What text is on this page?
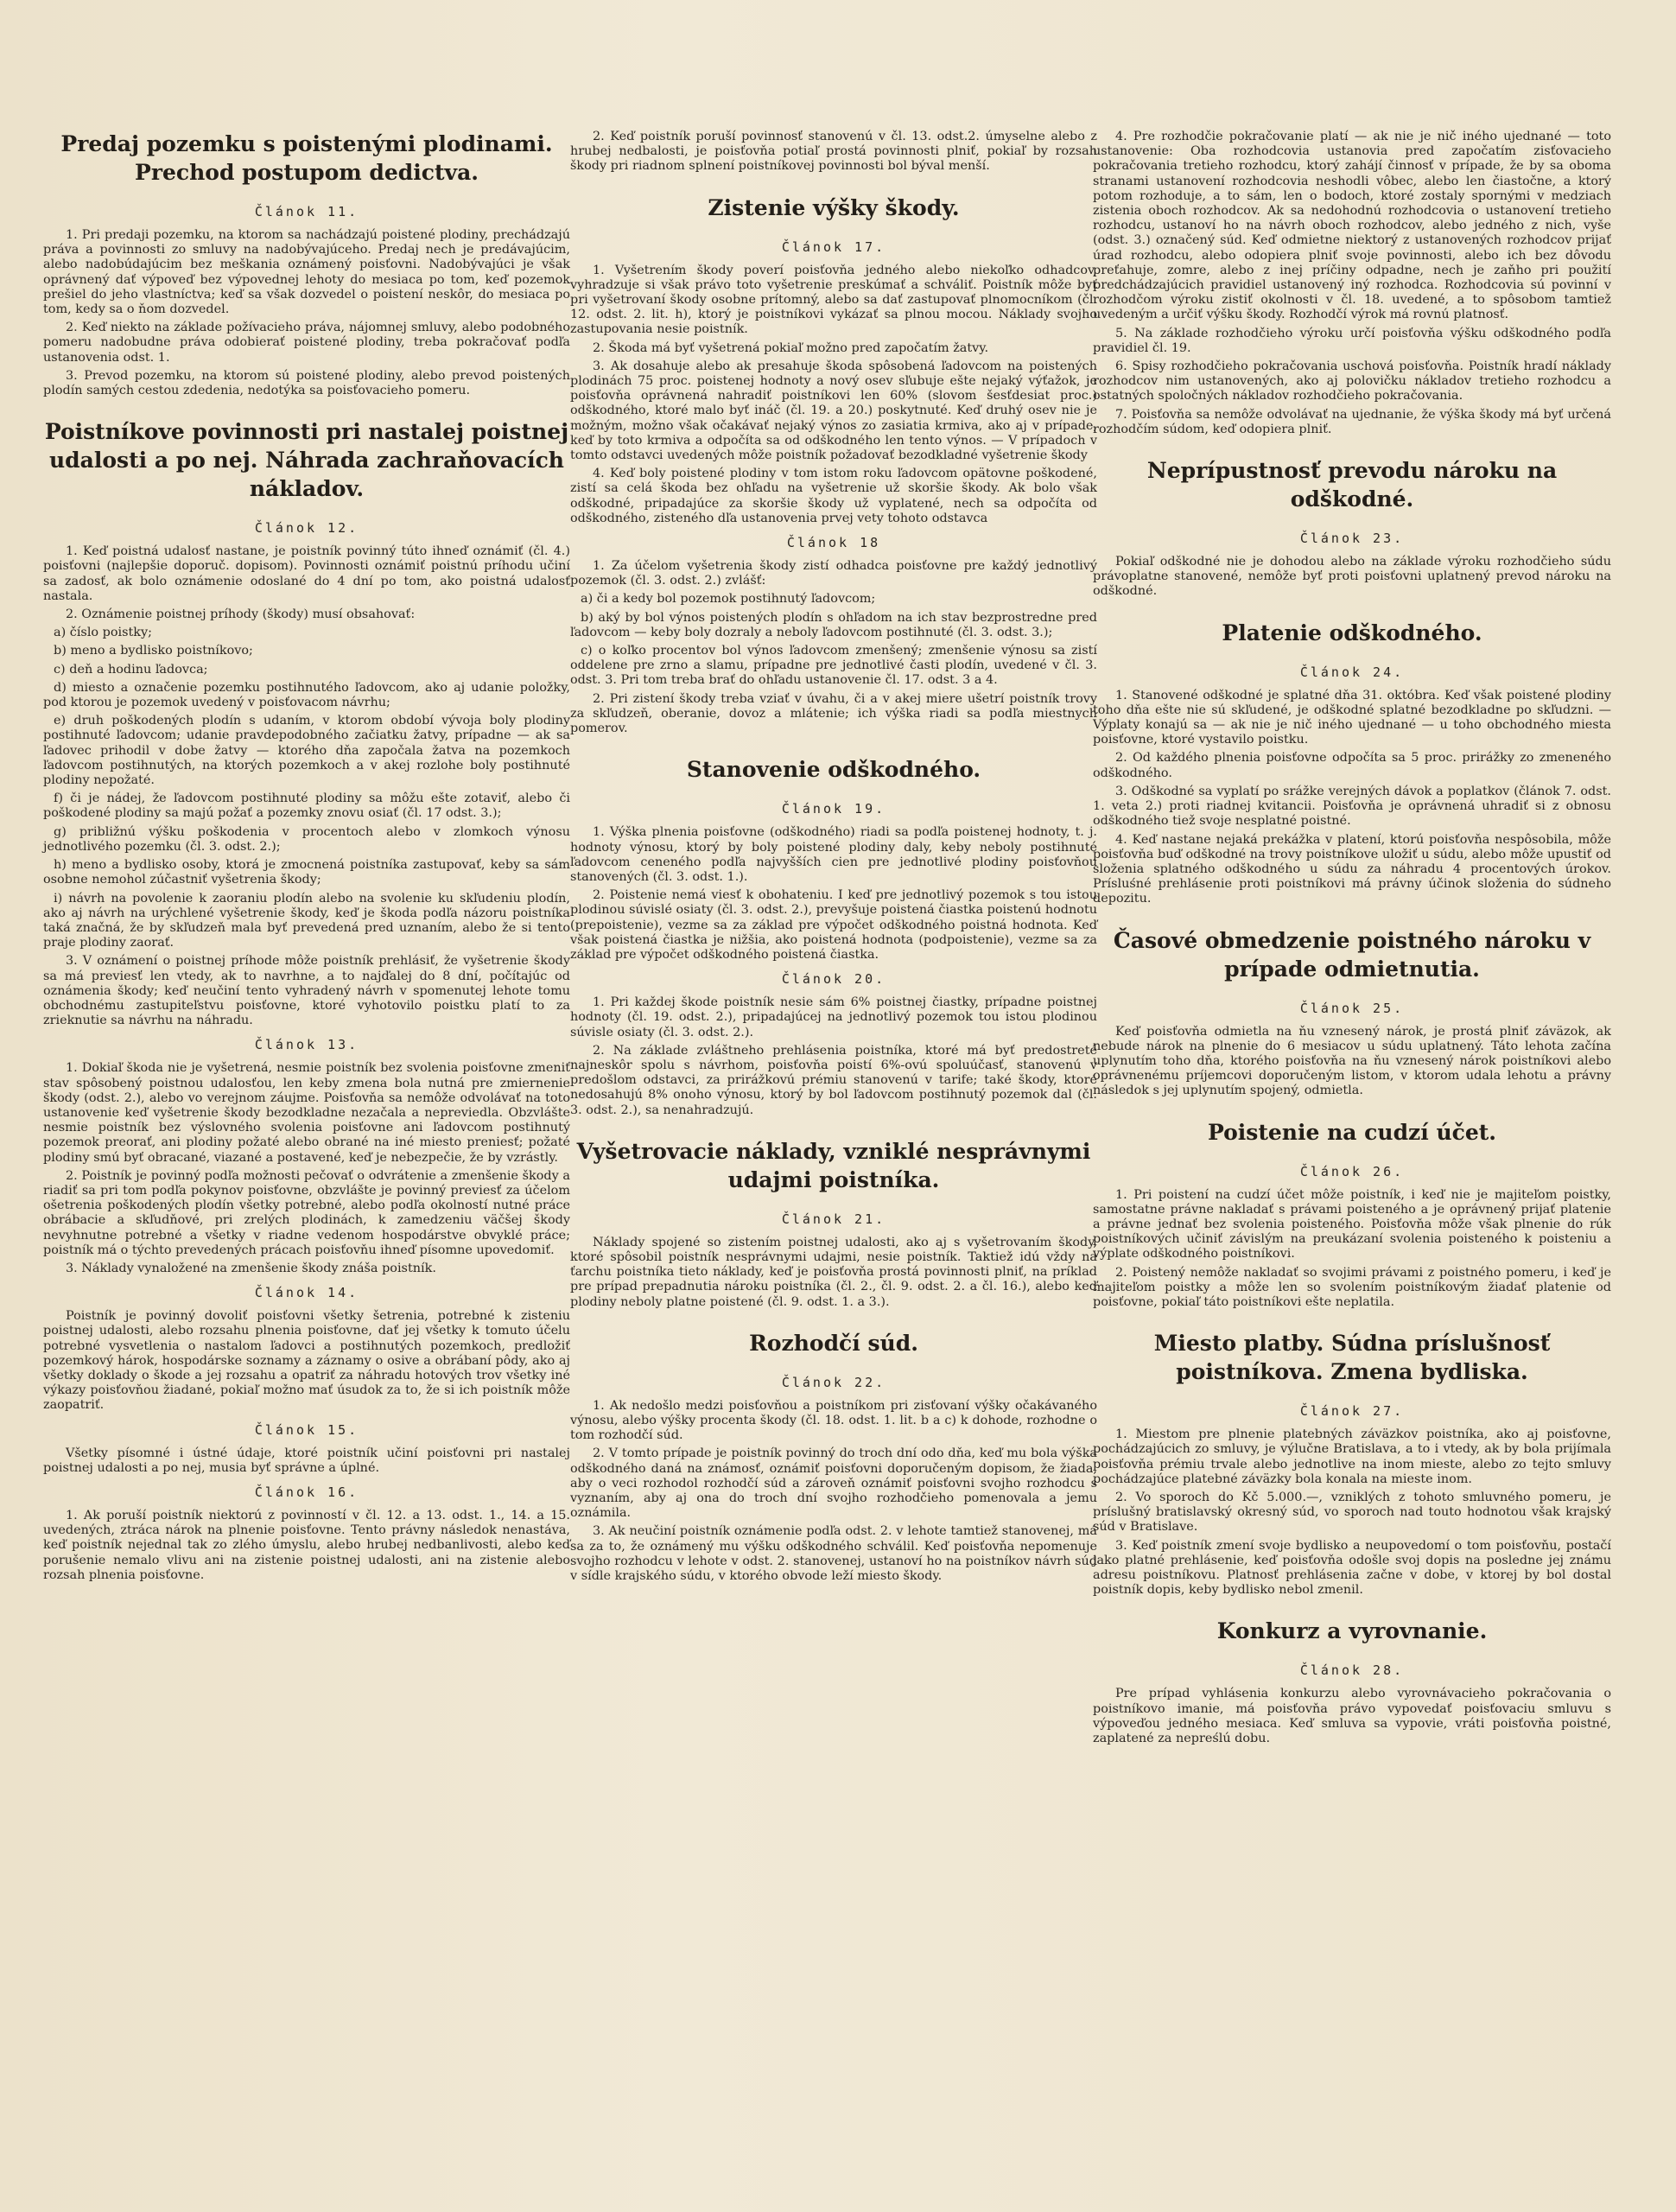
Predaj pozemku s poistenými plodinami. Prechod postupom dedictva.
Článok 11.

1. Pri predaji pozemku, na ktorom sa nachádzajú poistené plodiny, prechádzajú práva a povinnosti zo smluvy na nadobývajúceho. Predaj nech je predávajúcim, alebo nadobúdajúcim bez meškania oznámený poisťovni. Nadobývajúci je však oprávnený dať výpoveď bez výpovednej lehoty do mesiaca po tom, keď pozemok prešiel do jeho vlastníctva; keď sa však dozvedel o poistení neskôr, do mesiaca po tom, kedy sa o ňom dozvedel.

2. Keď niekto na základe požívacieho práva, nájomnej smluvy, alebo podobného pomeru nadobudne práva odobierať poistené plodiny, treba pokračovať podľa ustanovenia odst. 1.

3. Prevod pozemku, na ktorom sú poistené plodiny, alebo prevod poistených plodín samých cestou zdedenia, nedotýka sa poisťovacieho pomeru.

Poistníkove povinnosti pri nastalej poistnej udalosti a po nej. Náhrada zachraňovacích nákladov.
Článok 12.

1. Keď poistná udalosť nastane, je poistník povinný túto ihneď oznámiť (čl. 4.) poisťovni (najlepšie doporuč. dopisom). Povinnosti oznámiť poistnú príhodu učiní sa zadosť, ak bolo oznámenie odoslané do 4 dní po tom, ako poistná udalosť nastala.

2. Oznámenie poistnej príhody (škody) musí obsahovať:

a) číslo poistky;

b) meno a bydlisko poistníkovo;

c) deň a hodinu ľadovca;

d) miesto a označenie pozemku postihnutého ľadovcom, ako aj udanie položky, pod ktorou je pozemok uvedený v poisťovacom návrhu;

e) druh poškodených plodín s udaním, v ktorom období vývoja boly plodiny postihnuté ľadovcom; udanie pravdepodobného začiatku žatvy, prípadne — ak sa ľadovec prihodil v dobe žatvy — ktorého dňa započala žatva na pozemkoch ľadovcom postihnutých, na ktorých pozemkoch a v akej rozlohe boly postihnuté plodiny nepožaté.

f) či je nádej, že ľadovcom postihnuté plodiny sa môžu ešte zotaviť, alebo či poškodené plodiny sa majú požať a pozemky znovu osiať (čl. 17 odst. 3.);

g) približnú výšku poškodenia v procentoch alebo v zlomkoch výnosu jednotlivého pozemku (čl. 3. odst. 2.);

h) meno a bydlisko osoby, ktorá je zmocnená poistníka zastupovať, keby sa sám osobne nemohol zúčastniť vyšetrenia škody;

i) návrh na povolenie k zaoraniu plodín alebo na svolenie ku skľudeniu plodín, ako aj návrh na urýchlené vyšetrenie škody, keď je škoda podľa názoru poistníka taká značná, že by skľudzeň mala byť prevedená pred uznaním, alebo že si tento prajе plodiny zaorať.

3. V oznámení o poistnej príhode môže poistník prehlásiť, že vyšetrenie škody sa má previesť len vtedy, ak to navrhne, a to najďalej do 8 dní, počítajúc od oznámenia škody; keď neučiní tento vyhradený návrh v spomenutej lehote tomu obchodnému zastupiteľstvu poisťovne, ktoré vyhotovilo poistku platí to za zrieknutie sa návrhu na náhradu.

Článok 13.

1. Dokiaľ škoda nie je vyšetrená, nesmie poistník bez svolenia poisťovne zmeniť stav spôsobený poistnou udalosťou, len keby zmena bola nutná pre zmiernenie škody (odst. 2.), alebo vo verejnom záujme. Poisťovňa sa nemôže odvolávať na toto ustanovenie keď vyšetrenie škody bezodkladne nezačala a nepreviedla. Obzvlášte nesmie poistník bez výslovného svolenia poisťovne ani ľadovcom postihnutý pozemok preorať, ani plodiny požaté alebo obrané na iné miesto preniesť; požaté plodiny smú byť obracané, viazané a postavené, keď je nebezpečie, že by vzrástly.

2. Poistník je povinný podľa možnosti pečovať o odvrátenie a zmenšenie škody a riadiť sa pri tom podľa pokynov poisťovne, obzvlášte je povinný previesť za účelom ošetrenia poškodených plodín všetky potrebné, alebo podľa okolností nutné práce obrábacie a skľudňové, pri zrelých plodinách, k zamedzeniu väčšej škody nevyhnutne potrebné a všetky v riadne vedenom hospodárstve obvyklé práce; poistník má o týchto prevedených prácach poisťovňu ihneď písomne upovedomiť.

3. Náklady vynaložené na zmenšenie škody znáša poistník.

Článok 14.

Poistník je povinný dovoliť poisťovni všetky šetrenia, potrebné k zisteniu poistnej udalosti, alebo rozsahu plnenia poisťovne, dať jej všetky k tomuto účelu potrebné vysvetlenia o nastalom ľadovci a postihnutých pozemkoch, predložiť pozemkový hárok, hospodárske soznamy a záznamy o osive a obrábaní pôdy, ako aj všetky doklady o škode a jej rozsahu a opatriť za náhradu hotových trov všetky iné výkazy poisťovňou žiadané, pokiaľ možno mať úsudok za to, že si ich poistník môže zaopatriť.

Článok 15.

Všetky písomné i ústné údaje, ktoré poistník učiní poisťovni pri nastalej poistnej udalosti a po nej, musia byť správne a úplné.

Článok 16.

1. Ak poruší poistník niektorú z povinností v čl. 12. a 13. odst. 1., 14. a 15. uvedených, ztráca nárok na plnenie poisťovne. Tento právny následok nenastáva, keď poistník nejednal tak zo zlého úmyslu, alebo hrubej nedbanlivosti, alebo keď porušenie nemalo vlivu ani na zistenie poistnej udalosti, ani na zistenie alebo rozsah plnenia poisťovne.

2. Keď poistník poruší povinnosť stanovenú v čl. 13. odst.2. úmyselne alebo z hrubej nedbalosti, je poisťovňa potiaľ prostá povinnosti plniť, pokiaľ by rozsah škody pri riadnom splnení poistníkovej povinnosti bol býval menší.

Zistenie výšky škody.
Článok 17.

1. Vyšetrením škody poverí poisťovňa jedného alebo niekoľko odhadcov, vyhradzuje si však právo toto vyšetrenie preskúmať a schváliť. Poistník môže byť pri vyšetrovaní škody osobne prítomný, alebo sa dať zastupovať plnomocníkom (čl. 12. odst. 2. lit. h), ktorý je poistníkovi vykázať sa plnou mocou. Náklady svojho zastupovania nesie poistník.

2. Škoda má byť vyšetrená pokiaľ možno pred započatím žatvy.

3. Ak dosahuje alebo ak presahuje škoda spôsobená ľadovcom na poistených plodinách 75 proc. poistenej hodnoty a nový osev sľubuje ešte nejaký výťažok, je poisťovňa oprávnená nahradiť poistníkovi len 60% (slovom šesťdesiat proc.) odškodného, ktoré malo byť ináč (čl. 19. a 20.) poskytnuté. Keď druhý osev nie je možným, možno však očakávať nejaký výnos zo zasiatia krmiva, ako aj v prípade, keď by toto krmiva a odpočíta sa od odškodného len tento výnos. — V prípadoch v tomto odstavci uvedených môže poistník požadovať bezodkladné vyšetrenie škody

4. Keď boly poistené plodiny v tom istom roku ľadovcom opätovne poškodené, zistí sa celá škoda bez ohľadu na vyšetrenie už skoršie škody. Ak bolo však odškodné, pripadajúce za skoršie škody už vyplatené, nech sa odpočíta od odškodného, zisteného dľa ustanovenia prvej vety tohoto odstavca

Článok 18

1. Za účelom vyšetrenia škody zistí odhadca poisťovne pre každý jednotlivý pozemok (čl. 3. odst. 2.) zvlášť:

a) či a kedy bol pozemok postihnutý ľadovcom;

b) aký by bol výnos poistených plodín s ohľadom na ich stav bezprostredne pred ľadovcom — keby boly dozraly a neboly ľadovcom postihnuté (čl. 3. odst. 3.);

c) o koľko procentov bol výnos ľadovcom zmenšený; zmenšenie výnosu sa zistí oddelene pre zrno a slamu, prípadne pre jednotlivé časti plodín, uvedené v čl. 3. odst. 3. Pri tom treba brať do ohľadu ustanovenie čl. 17. odst. 3 a 4.

2. Pri zistení škody treba vziať v úvahu, či a v akej miere ušetrí poistník trovy za skľudzeň, oberanie, dovoz a mlátenie; ich výška riadi sa podľa miestnych pomerov.

Stanovenie odškodného.
Článok 19.

1. Výška plnenia poisťovne (odškodného) riadi sa podľa poistenej hodnoty, t. j. hodnoty výnosu, ktorý by boly poistené plodiny daly, keby neboly postihnuté ľadovcom ceneného podľa najvyšších cien pre jednotlivé plodiny poisťovňou stanovených (čl. 3. odst. 1.).

2. Poistenie nemá viesť k obohateniu. I keď pre jednotlivý pozemok s tou istou plodinou súvislé osiaty (čl. 3. odst. 2.), prevyšuje poistená čiastka poistenú hodnotu (prepoistenie), vezme sa za základ pre výpočet odškodného poistná hodnota. Keď však poistená čiastka je nižšia, ako poistená hodnota (podpoistenie), vezme sa za základ pre výpočet odškodného poistená čiastka.

Článok 20.

1. Pri každej škode poistník nesie sám 6% poistnej čiastky, prípadne poistnej hodnoty (čl. 19. odst. 2.), pripadajúcej na jednotlivý pozemok tou istou plodinou súvisle osiaty (čl. 3. odst. 2.).

2. Na základe zvláštneho prehlásenia poistníka, ktoré má byť predostreté najneskôr spolu s návrhom, poisťovňa poistí 6%-ovú spoluúčasť, stanovenú v predošlom odstavci, za prirážkovú prémiu stanovenú v tarife; také škody, ktoré nedosahujú 8% onoho výnosu, ktorý by bol ľadovcom postihnutý pozemok dal (čl. 3. odst. 2.), sa nenahradzujú.

Vyšetrovacie náklady, vzniklé nesprávnymi udajmi poistníka.
Článok 21.

Náklady spojené so zistením poistnej udalosti, ako aj s vyšetrovaním škody, ktoré spôsobil poistník nesprávnymi udajmi, nesie poistník. Taktiež idú vždy na ťarchu poistníka tieto náklady, keď je poisťovňa prostá povinnosti plniť, na príklad pre prípad prepadnutia nároku poistníka (čl. 2., čl. 9. odst. 2. a čl. 16.), alebo keď plodiny neboly platne poistené (čl. 9. odst. 1. a 3.).

Rozhodčí súd.
Článok 22.

1. Ak nedošlo medzi poisťovňou a poistníkom pri zisťovaní výšky očakávaného výnosu, alebo výšky procenta škody (čl. 18. odst. 1. lit. b a c) k dohode, rozhodne o tom rozhodčí súd.

2. V tomto prípade je poistník povinný do troch dní odo dňa, keď mu bola výška odškodného daná na známosť, oznámiť poisťovni doporučeným dopisom, že žiada, aby o veci rozhodol rozhodčí súd a zároveň oznámiť poisťovni svojho rozhodcu s vyznaním, aby aj ona do troch dní svojho rozhodčieho pomenovala a jemu oznámila.

3. Ak neučiní poistník oznámenie podľa odst. 2. v lehote tamtiež stanovenej, má sa za to, že oznámený mu výšku odškodného schválil. Keď poisťovňa nepomenuje svojho rozhodcu v lehote v odst. 2. stanovenej, ustanoví ho na poistníkov návrh súd v sídle krajského súdu, v ktorého obvode leží miesto škody.

4. Pre rozhodčie pokračovanie platí — ak nie je nič iného ujednané — toto ustanovenie: Oba rozhodcovia ustanovia pred započatím zisťovacieho pokračovania tretieho rozhodcu, ktorý zahájí činnosť v prípade, že by sa oboma stranami ustanovení rozhodcovia neshodli vôbec, alebo len čiastočne, a ktorý potom rozhoduje, a to sám, len o bodoch, ktoré zostaly spornými v medziach zistenia oboch rozhodcov. Ak sa nedohodnú rozhodcovia o ustanovení tretieho rozhodcu, ustanoví ho na návrh oboch rozhodcov, alebo jedného z nich, vyše (odst. 3.) označený súd. Keď odmietne niektorý z ustanovených rozhodcov prijať úrad rozhodcu, alebo odopiera plniť svoje povinnosti, alebo ich bez dôvodu preťahuje, zomre, alebo z inej príčiny odpadne, nech je zaňho pri použití predchádzajúcich pravidiel ustanovený iný rozhodca. Rozhodcovia sú povinní v rozhodčom výroku zistiť okolnosti v čl. 18. uvedené, a to spôsobom tamtiež uvedeným a určiť výšku škody. Rozhodčí výrok má rovnú platnosť.

5. Na základe rozhodčieho výroku určí poisťovňa výšku odškodného podľa pravidiel čl. 19.

6. Spisy rozhodčieho pokračovania uschová poisťovňa. Poistník hradí náklady rozhodcov nim ustanovených, ako aj polovičku nákladov tretieho rozhodcu a ostatných spoločných nákladov rozhodčieho pokračovania.

7. Poisťovňa sa nemôže odvolávať na ujednanie, že výška škody má byť určená rozhodčím súdom, keď odopiera plniť.

Neprípustnosť prevodu nároku na odškodné.
Článok 23.

Pokiaľ odškodné nie je dohodou alebo na základe výroku rozhodčieho súdu právoplatne stanovené, nemôže byť proti poisťovni uplatnený prevod nároku na odškodné.

Platenie odškodného.
Článok 24.

1. Stanovené odškodné je splatné dňa 31. októbra. Keď však poistené plodiny toho dňa ešte nie sú skľudené, je odškodné splatné bezodkladne po skľudzni. — Výplaty konajú sa — ak nie je nič iného ujednané — u toho obchodného miesta poisťovne, ktoré vystavilo poistku.

2. Od každého plnenia poisťovne odpočíta sa 5 proc. prirážky zo zmeneného odškodného.

3. Odškodné sa vyplatí po srážke verejných dávok a poplatkov (článok 7. odst. 1. veta 2.) proti riadnej kvitancii. Poisťovňa je oprávnená uhradiť si z obnosu odškodného tiež svoje nesplatné poistné.

4. Keď nastane nejaká prekážka v platení, ktorú poisťovňa nespôsobila, môže poisťovňa buď odškodné na trovy poistníkove uložiť u súdu, alebo môže upustiť od složenia splatného odškodného u súdu za náhradu 4 procentových úrokov. Prísluśné prehlásenie proti poistníkovi má právny účinok složenia do súdneho depozitu.

Časové obmedzenie poistného nároku v prípade odmietnutia.
Článok 25.

Keď poisťovňa odmietla na ňu vznesený nárok, je prostá plniť záväzok, ak nebude nárok na plnenie do 6 mesiacov u súdu uplatnený. Táto lehota začína uplynutím toho dňa, ktorého poisťovňa na ňu vznesený nárok poistníkovi alebo oprávnenému príjemcovi doporučeným listom, v ktorom udala lehotu a právny následok s jej uplynutím spojený, odmietla.

Poistenie na cudzí účet.
Článok 26.

1. Pri poistení na cudzí účet môže poistník, i keď nie je majiteľom poistky, samostatne právne nakladať s právami poisteného a je oprávnený prijať platenie a právne jednať bez svolenia poisteného. Poisťovňa môže však plnenie do rúk poistníkových učiniť závislým na preukázaní svolenia poisteného k poisteniu a výplate odškodného poistníkovi.

2. Poistený nemôže nakladať so svojimi právami z poistného pomeru, i keď je majiteľom poistky a môže len so svolením poistníkovým žiadať platenie od poisťovne, pokiaľ táto poistníkovi ešte neplatila.

Miesto platby. Súdna príslušnosť poistníkova. Zmena bydliska.
Článok 27.

1. Miestom pre plnenie platebných záväzkov poistníka, ako aj poisťovne, pochádzajúcich zo smluvy, je výlučne Bratislava, a to i vtedy, ak by bola prijímala poisťovňa prémiu trvale alebo jednotlive na inom mieste, alebo zo tejto smluvy pochádzajúce platebné záväzky bola konala na mieste inom.

2. Vo sporoch do Kč 5.000.—, vzniklých z tohoto smluvného pomeru, je príslušný bratislavský okresný súd, vo sporoch nad touto hodnotou však krajský súd v Bratislave.

3. Keď poistník zmení svoje bydlisko a neupovedomí o tom poisťovňu, postačí jako platné prehlásenie, keď poisťovňa odošle svoj dopis na posledne jej známu adresu poistníkovu. Platnosť prehlásenia začne v dobe, v ktorej by bol dostal poistník dopis, keby bydlisko nebol zmenil.

Konkurz a vyrovnanie.
Článok 28.

Pre prípad vyhlásenia konkurzu alebo vyrovnávacieho pokračovania o poistníkovo imanie, má poisťovňa právo vypovedať poisťovaciu smluvu s výpoveďou jedného mesiaca. Keď smluva sa vypovie, vráti poisťovňa poistné, zaplatené za nepreślú dobu.
